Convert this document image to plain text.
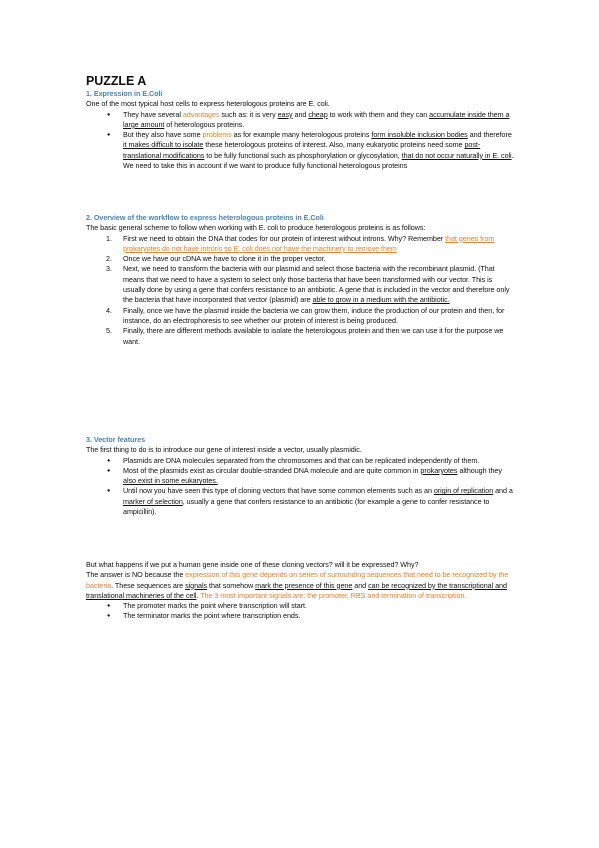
PUZZLE A

1. Expression in E.Coli

One of the most typical host cells to express heterologous proteins are E. coli.

● They have several advantages such as: it is very easy and cheap to work with them and they can accumulate inside them a large amount of heterologous proteins.
● But they also have some problems as for example many heterologous proteins form insoluble inclusion bodies and therefore it makes difficult to isolate these heterologous proteins of interest. Also, many eukaryotic proteins need some post-translational modifications to be fully functional such as phosphorylation or glycosylation, that do not occur naturally in E. coli. We need to take this in account if we want to produce fully functional heterologous proteins

2. Overview of the workflow to express heterologous proteins in E.Coli

The basic general scheme to follow when working with E. coli to produce heterologous proteins is as follows:

1. First we need to obtain the DNA that codes for our protein of interest without introns. Why? Remember that genes from prokaryotes do not have introns so E. coli does not have the machinery to remove them
2. Once we have our cDNA we have to clone it in the proper vector.
3. Next, we need to transform the bacteria with our plasmid and select those bacteria with the recombinant plasmid. (That means that we need to have a system to select only those bacteria that have been transformed with our vector. This is usually done by using a gene that confers resistance to an antibiotic. A gene that is included in the vector and therefore only the bacteria that have incorporated that vector (plasmid) are able to grow in a medium with the antibiotic.
4. Finally, once we have the plasmid inside the bacteria we can grow them, induce the production of our protein and then, for instance, do an electrophoresis to see whether our protein of interest is being produced.
5. Finally, there are different methods available to isolate the heterologous protein and then we can use it for the purpose we want.

3. Vector features

The first thing to do is to introduce our gene of interest inside a vector, usually plasmidic.

● Plasmids are DNA molecules separated from the chromosomes and that can be replicated independently of them.
● Most of the plasmids exist as circular double-stranded DNA molecule and are quite common in prokaryotes although they also exist in some eukaryotes.
● Until now you have seen this type of cloning vectors that have some common elements such as an origin of replication and a marker of selection, usually a gene that confers resistance to an antibiotic (for example a gene to confer resistance to ampicillin).

But what happens if we put a human gene inside one of these cloning vectors? will it be expressed? Why?

The answer is NO because the expression of this gene depends on series of surrounding sequences that need to be recognized by the bacteria. These sequences are signals that somehow mark the presence of this gene and can be recognized by the transcriptional and translational machineries of the cell. The 3 most important signals are: the promoter, RBS and termination of transcription.

● The promoter marks the point where transcription will start.
● The terminator marks the point where transcription ends.
